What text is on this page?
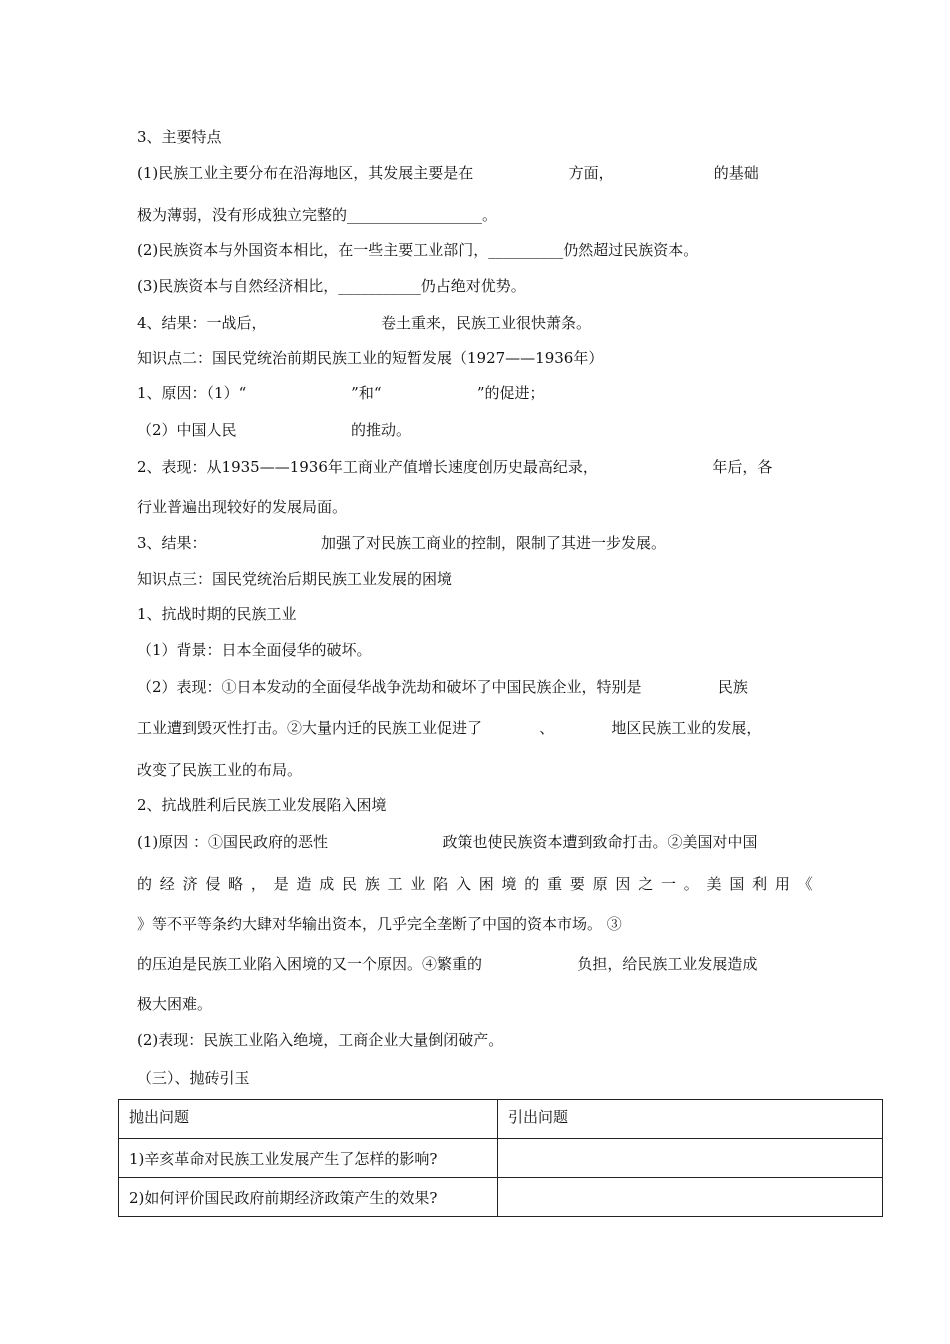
3、主要特点

(1)民族工业主要分布在沿海地区，其发展主要是在                    方面，                     的基础

极为薄弱，没有形成独立完整的__________________。

(2)民族资本与外国资本相比，在一些主要工业部门，__________仍然超过民族资本。

(3)民族资本与自然经济相比，___________仍占绝对优势。

4、结果：一战后，                        卷土重来，民族工业很快萧条。

知识点二：国民党统治前期民族工业的短暂发展（1927——1936年）

1、原因：（1）“                      ”和“                    ”的促进；

（2）中国人民                        的推动。

2、表现：从1935——1936年工商业产值增长速度创历史最高纪录，                        年后，各

行业普遍出现较好的发展局面。

3、结果：                        加强了对民族工商业的控制，限制了其进一步发展。

知识点三：国民党统治后期民族工业发展的困境

1、抗战时期的民族工业

（1）背景：日本全面侵华的破坏。

（2）表现：①日本发动的全面侵华战争洗劫和破坏了中国民族企业，特别是                民族

工业遭到毁灭性打击。②大量内迁的民族工业促进了            、            地区民族工业的发展，

改变了民族工业的布局。

2、抗战胜利后民族工业发展陷入困境

(1)原因 ：①国民政府的恶性                        政策也使民族资本遭到致命打击。②美国对中国

的 经 济 侵 略 ， 是 造 成 民 族 工 业 陷 入 困 境 的 重 要 原 因 之 一 。 美 国 利 用 《

》等不平等条约大肆对华输出资本，几乎完全垄断了中国的资本市场。 ③

的压迫是民族工业陷入困境的又一个原因。④繁重的                    负担，给民族工业发展造成

极大困难。

(2)表现：民族工业陷入绝境，工商企业大量倒闭破产。

（三）、抛砖引玉

抛出问题	引出问题
1)辛亥革命对民族工业发展产生了怎样的影响?	
2)如何评价国民政府前期经济政策产生的效果?	
